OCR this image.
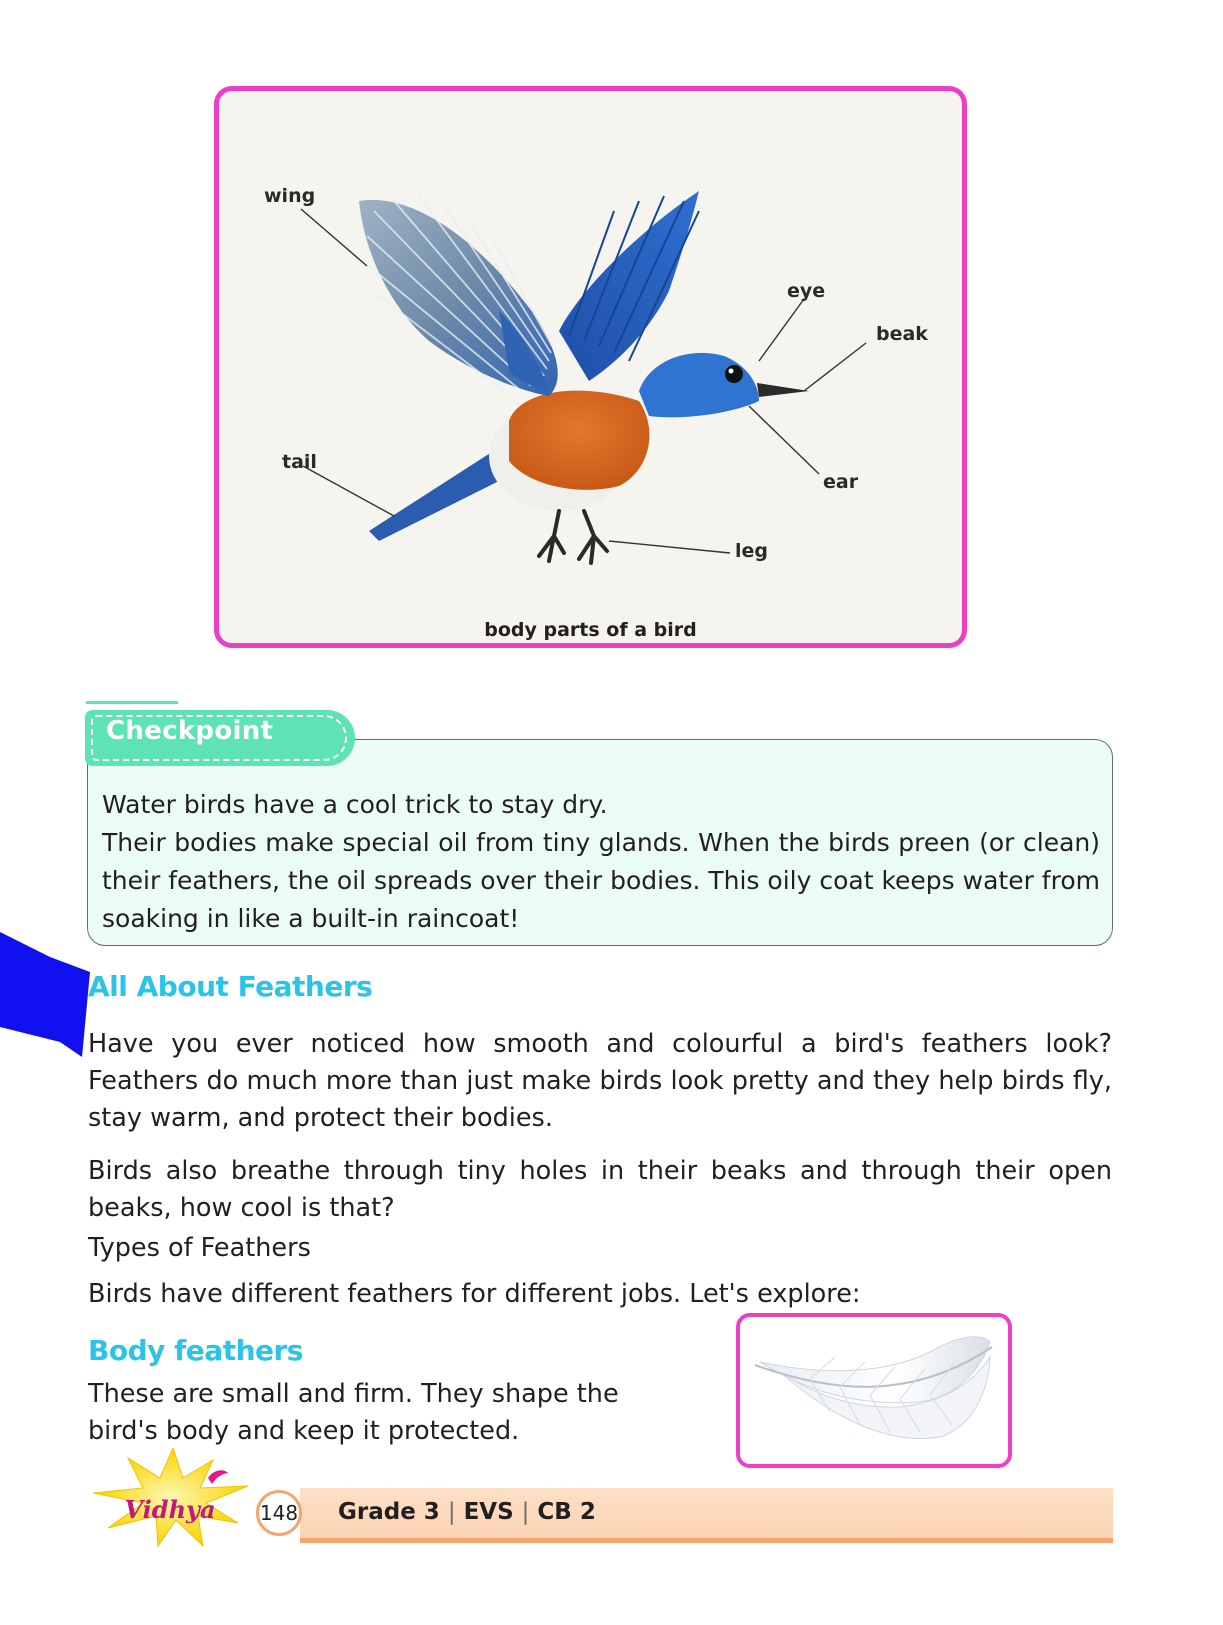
wing
eye
beak
tail
ear
leg
body parts of a bird
Checkpoint

Water birds have a cool trick to stay dry.

Their bodies make special oil from tiny glands. When the birds preen (or clean) their feathers, the oil spreads over their bodies. This oily coat keeps water from soaking in like a built-in raincoat!

All About Feathers

Have you ever noticed how smooth and colourful a bird's feathers look? Feathers do much more than just make birds look pretty and they help birds fly, stay warm, and protect their bodies.

Birds also breathe through tiny holes in their beaks and through their open beaks, how cool is that?

Types of Feathers
Birds have different feathers for different jobs. Let's explore:
Body feathers
These are small and firm. They shape the bird's body and keep it protected.
Vidhya 148 Grade 3 | EVS | CB 2
